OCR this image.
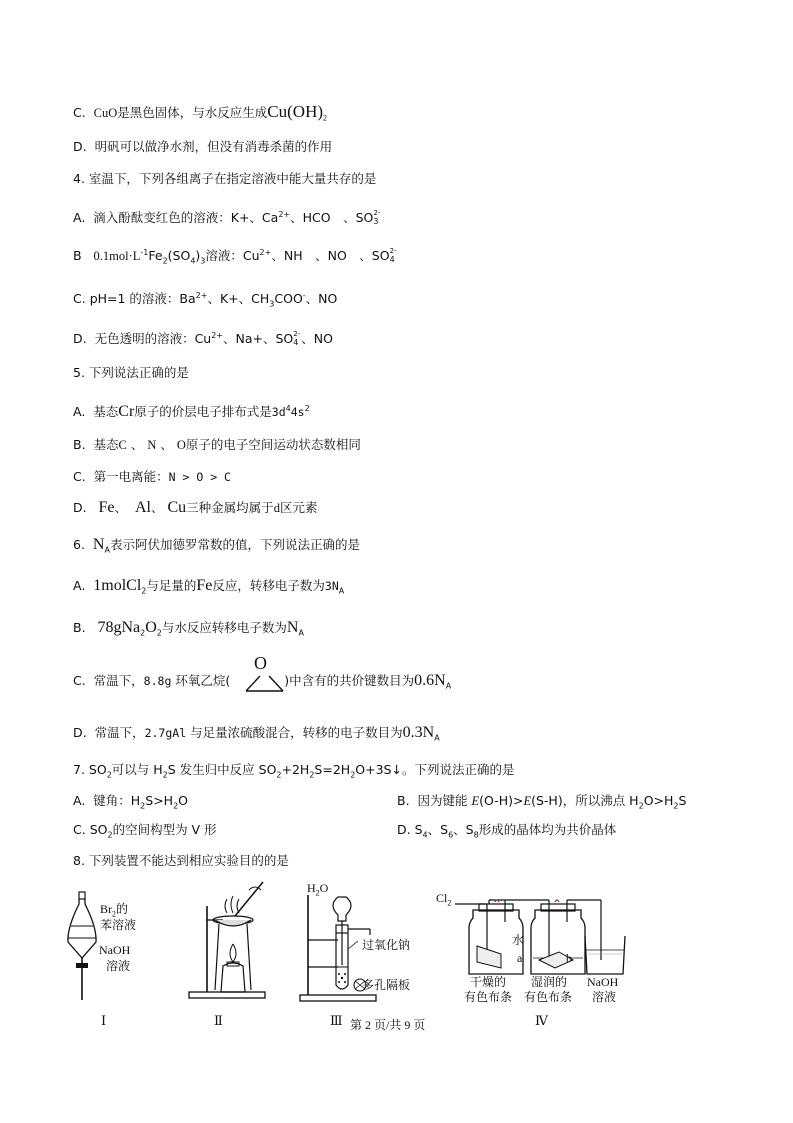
C. CuO是黑色固体，与水反应生成$Cu(OH)_2$
D. 明矾可以做净水剂，但没有消毒杀菌的作用
4. 室温下，下列各组离子在指定溶液中能大量共存的是
A. 滴入酚酞变红色的溶液：K+、$Ca^{2+}$、HCO　、SO 2-
3
B $0.1mol\cdot L^{-1}Fe_2(SO_4)_3$溶液：$Cu^{2+}$、NH　、NO　、SO 2-
4
C. pH=1 的溶液：$Ba^{2+}$、K+、$CH_3COO^-$、NO
D. 无色透明的溶液：$Cu^{2+}$、Na+、SO 2-
4 、NO
5. 下列说法正确的是
A. 基态Cr原子的价层电子排布式是$3d^44s^2$
B. 基态C 、 N 、 O原子的电子空间运动状态数相同
C. 第一电离能：N > O > C
D. Fe、 Al、 Cu三种金属均属于d区元素
6. $N_A$表示阿伏加德罗常数的值，下列说法正确的是
A. 1molCl$_2$与足量的Fe反应，转移电子数为$3N_A$
B. $78gNa_2O_2$与水反应转移电子数为$N_A$
C. 常温下，8.8g 环氧乙烷(	)中含有的共价键数目为$0.6N_A$
O
D. 常温下，2.7gAl 与足量浓硫酸混合，转移的电子数目为$0.3N_A$
7. $SO_2$可以与 $H_2S$ 发生归中反应 $SO_2+2H_2S=2H_2O+3S↓$。下列说法正确的是
A. 键角：$H_2S>H_2O$	B. 因为键能 E(O-H)>E(S-H)，所以沸点 $H_2O>H_2S$
C. $SO_2$的空间构型为 V 形	D. $S_4$、$S_6$、$S_8$形成的晶体均为共价晶体
8. 下列装置不能达到相应实验目的的是
$Br_2$的
苯溶液
NaOH
溶液
Ⅰ	Ⅱ
$H_2O$
过氧化钠
多孔隔板
Ⅲ 第 2 页/共 9 页
$Cl_2$
水
a	b
干燥的
有色布条
湿润的
有色布条
NaOH
溶液
Ⅳ
